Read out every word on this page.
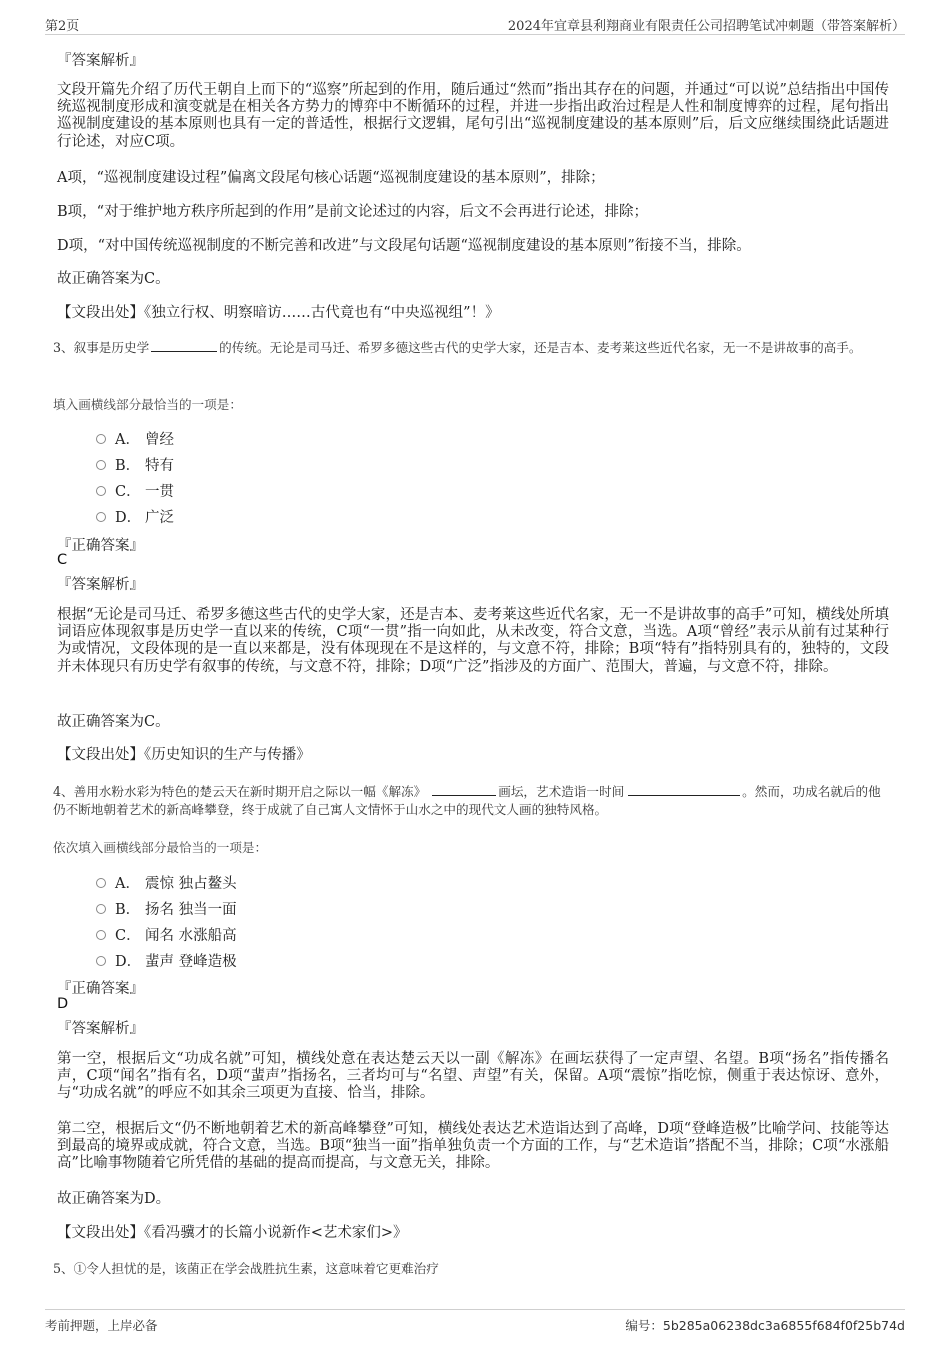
第2页	2024年宜章县利翔商业有限责任公司招聘笔试冲刺题（带答案解析）
『答案解析』
文段开篇先介绍了历代王朝自上而下的“巡察”所起到的作用，随后通过“然而”指出其存在的问题，并通过“可以说”总结指出中国传统巡视制度形成和演变就是在相关各方势力的博弈中不断循环的过程，并进一步指出政治过程是人性和制度博弈的过程，尾句指出巡视制度建设的基本原则也具有一定的普适性，根据行文逻辑，尾句引出“巡视制度建设的基本原则”后，后文应继续围绕此话题进行论述，对应C项。
A项，“巡视制度建设过程”偏离文段尾句核心话题“巡视制度建设的基本原则”，排除；
B项，“对于维护地方秩序所起到的作用”是前文论述过的内容，后文不会再进行论述，排除；
D项，“对中国传统巡视制度的不断完善和改进”与文段尾句话题“巡视制度建设的基本原则”衔接不当，排除。
故正确答案为C。
【文段出处】《独立行权、明察暗访……古代竟也有“中央巡视组”！》
3、叙事是历史学	的传统。无论是司马迁、希罗多德这些古代的史学大家，还是吉本、麦考莱这些近代名家，无一不是讲故事的高手。
填入画横线部分最恰当的一项是：
A． 曾经
B． 特有
C． 一贯
D． 广泛
『正确答案』
C
『答案解析』
根据“无论是司马迁、希罗多德这些古代的史学大家，还是吉本、麦考莱这些近代名家，无一不是讲故事的高手”可知，横线处所填词语应体现叙事是历史学一直以来的传统，C项“一贯”指一向如此，从未改变，符合文意，当选。A项“曾经”表示从前有过某种行为或情况，文段体现的是一直以来都是，没有体现现在不是这样的，与文意不符，排除；B项“特有”指特别具有的，独特的，文段并未体现只有历史学有叙事的传统，与文意不符，排除；D项“广泛”指涉及的方面广、范围大，普遍，与文意不符，排除。
故正确答案为C。
【文段出处】《历史知识的生产与传播》
4、善用水粉水彩为特色的楚云天在新时期开启之际以一幅《解冻》	画坛，艺术造诣一时间	。然而，功成名就后的他仍不断地朝着艺术的新高峰攀登，终于成就了自己寓人文情怀于山水之中的现代文人画的独特风格。
依次填入画横线部分最恰当的一项是：
A． 震惊 独占鳌头
B． 扬名 独当一面
C． 闻名 水涨船高
D． 蜚声 登峰造极
『正确答案』
D
『答案解析』
第一空，根据后文“功成名就”可知，横线处意在表达楚云天以一副《解冻》在画坛获得了一定声望、名望。B项“扬名”指传播名声，C项“闻名”指有名，D项“蜚声”指扬名，三者均可与“名望、声望”有关，保留。A项“震惊”指吃惊，侧重于表达惊讶、意外，与“功成名就”的呼应不如其余三项更为直接、恰当，排除。
第二空，根据后文“仍不断地朝着艺术的新高峰攀登”可知，横线处表达艺术造诣达到了高峰，D项“登峰造极”比喻学问、技能等达到最高的境界或成就，符合文意，当选。B项“独当一面”指单独负责一个方面的工作，与“艺术造诣”搭配不当，排除；C项“水涨船高”比喻事物随着它所凭借的基础的提高而提高，与文意无关，排除。
故正确答案为D。
【文段出处】《看冯骥才的长篇小说新作<艺术家们>》
5、①令人担忧的是，该菌正在学会战胜抗生素，这意味着它更难治疗
考前押题，上岸必备	编号：5b285a06238dc3a6855f684f0f25b74d
